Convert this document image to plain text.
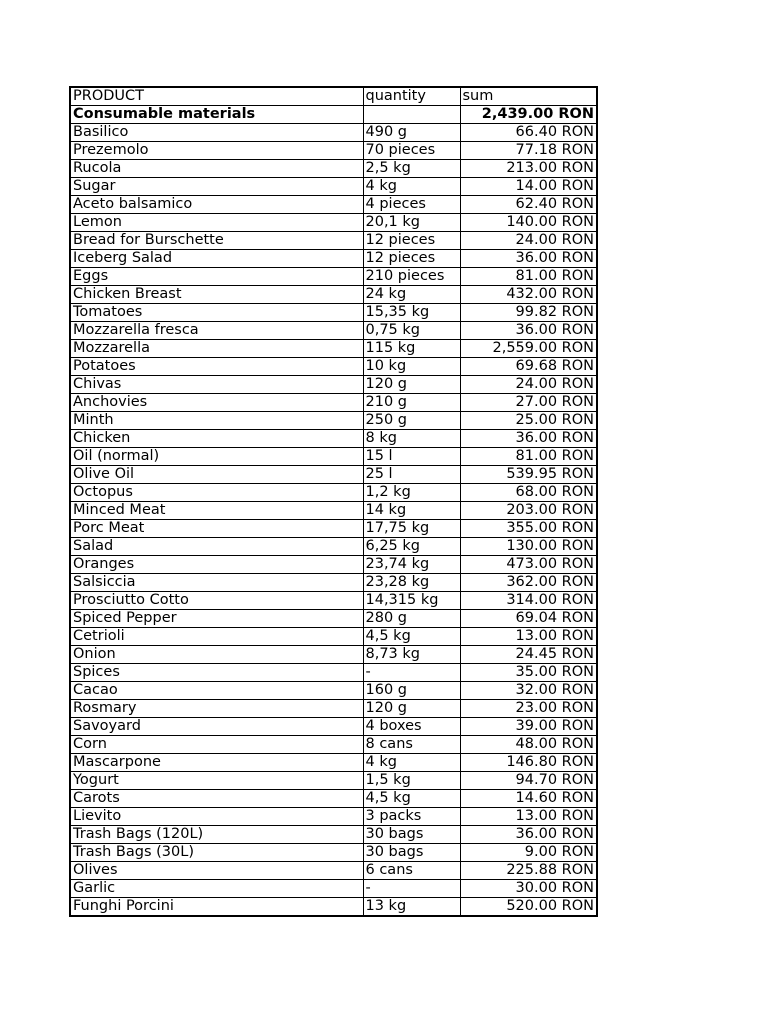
PRODUCT	quantity	sum
Consumable materials		2,439.00 RON
Basilico	490 g	66.40 RON
Prezemolo	70 pieces	77.18 RON
Rucola	2,5 kg	213.00 RON
Sugar	4 kg	14.00 RON
Aceto balsamico	4 pieces	62.40 RON
Lemon	20,1 kg	140.00 RON
Bread for Burschette	12 pieces	24.00 RON
Iceberg Salad	12 pieces	36.00 RON
Eggs	210 pieces	81.00 RON
Chicken Breast	24 kg	432.00 RON
Tomatoes	15,35 kg	99.82 RON
Mozzarella fresca	0,75 kg	36.00 RON
Mozzarella	115 kg	2,559.00 RON
Potatoes	10 kg	69.68 RON
Chivas	120 g	24.00 RON
Anchovies	210 g	27.00 RON
Minth	250 g	25.00 RON
Chicken	8 kg	36.00 RON
Oil (normal)	15 l	81.00 RON
Olive Oil	25 l	539.95 RON
Octopus	1,2 kg	68.00 RON
Minced Meat	14 kg	203.00 RON
Porc Meat	17,75 kg	355.00 RON
Salad	6,25 kg	130.00 RON
Oranges	23,74 kg	473.00 RON
Salsiccia	23,28 kg	362.00 RON
Prosciutto Cotto	14,315 kg	314.00 RON
Spiced Pepper	280 g	69.04 RON
Cetrioli	4,5 kg	13.00 RON
Onion	8,73 kg	24.45 RON
Spices	-	35.00 RON
Cacao	160 g	32.00 RON
Rosmary	120 g	23.00 RON
Savoyard	4 boxes	39.00 RON
Corn	8 cans	48.00 RON
Mascarpone	4 kg	146.80 RON
Yogurt	1,5 kg	94.70 RON
Carots	4,5 kg	14.60 RON
Lievito	3 packs	13.00 RON
Trash Bags (120L)	30 bags	36.00 RON
Trash Bags (30L)	30 bags	9.00 RON
Olives	6 cans	225.88 RON
Garlic	-	30.00 RON
Funghi Porcini	13 kg	520.00 RON
